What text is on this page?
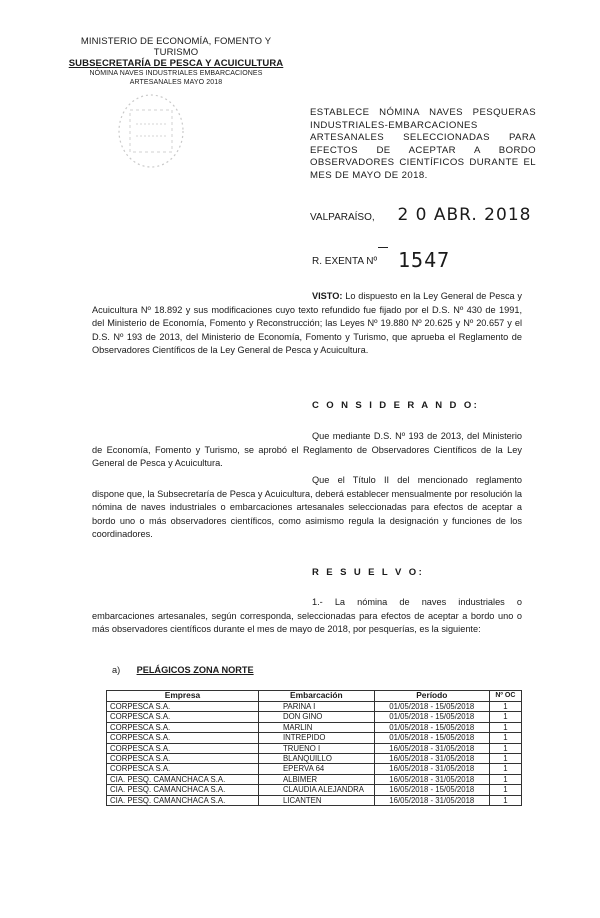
MINISTERIO DE ECONOMÍA, FOMENTO Y TURISMO
SUBSECRETARÍA DE PESCA Y ACUICULTURA
NÓMINA NAVES INDUSTRIALES EMBARCACIONES
ARTESANALES MAYO 2018
ESTABLECE NÓMINA NAVES PESQUERAS INDUSTRIALES-EMBARCACIONES ARTESANALES SELECCIONADAS PARA EFECTOS DE ACEPTAR A BORDO OBSERVADORES CIENTÍFICOS DURANTE EL MES DE MAYO DE 2018.
VALPARAÍSO, 2 0 ABR. 2018
R. EXENTA Nº 1547
VISTO: Lo dispuesto en la Ley General de Pesca y Acuicultura Nº 18.892 y sus modificaciones cuyo texto refundido fue fijado por el D.S. Nº 430 de 1991, del Ministerio de Economía, Fomento y Reconstrucción; las Leyes Nº 19.880 Nº 20.625 y Nº 20.657 y el D.S. Nº 193 de 2013, del Ministerio de Economía, Fomento y Turismo, que aprueba el Reglamento de Observadores Científicos de la Ley General de Pesca y Acuicultura.
C O N S I D E R A N D O:
Que mediante D.S. Nº 193 de 2013, del Ministerio de Economía, Fomento y Turismo, se aprobó el Reglamento de Observadores Científicos de la Ley General de Pesca y Acuicultura.
Que el Título II del mencionado reglamento dispone que, la Subsecretaría de Pesca y Acuicultura, deberá establecer mensualmente por resolución la nómina de naves industriales o embarcaciones artesanales seleccionadas para efectos de aceptar a bordo uno o más observadores científicos, como asimismo regula la designación y funciones de los coordinadores.
R E S U E L V O:
1.- La nómina de naves industriales o embarcaciones artesanales, según corresponda, seleccionadas para efectos de aceptar a bordo uno o más observadores científicos durante el mes de mayo de 2018, por pesquerías, es la siguiente:
a) PELÁGICOS ZONA NORTE
Empresa	Embarcación	Período	Nº OC
CORPESCA S.A.	PARINA I	01/05/2018 - 15/05/2018	1
CORPESCA S.A.	DON GINO	01/05/2018 - 15/05/2018	1
CORPESCA S.A.	MARLIN	01/05/2018 - 15/05/2018	1
CORPESCA S.A.	INTREPIDO	01/05/2018 - 15/05/2018	1
CORPESCA S.A.	TRUENO I	16/05/2018 - 31/05/2018	1
CORPESCA S.A.	BLANQUILLO	16/05/2018 - 31/05/2018	1
CORPESCA S.A.	EPERVA 64	16/05/2018 - 31/05/2018	1
CIA. PESQ. CAMANCHACA S.A.	ALBIMER	16/05/2018 - 31/05/2018	1
CIA. PESQ. CAMANCHACA S.A.	CLAUDIA ALEJANDRA	16/05/2018 - 15/05/2018	1
CIA. PESQ. CAMANCHACA S.A.	LICANTEN	16/05/2018 - 31/05/2018	1
